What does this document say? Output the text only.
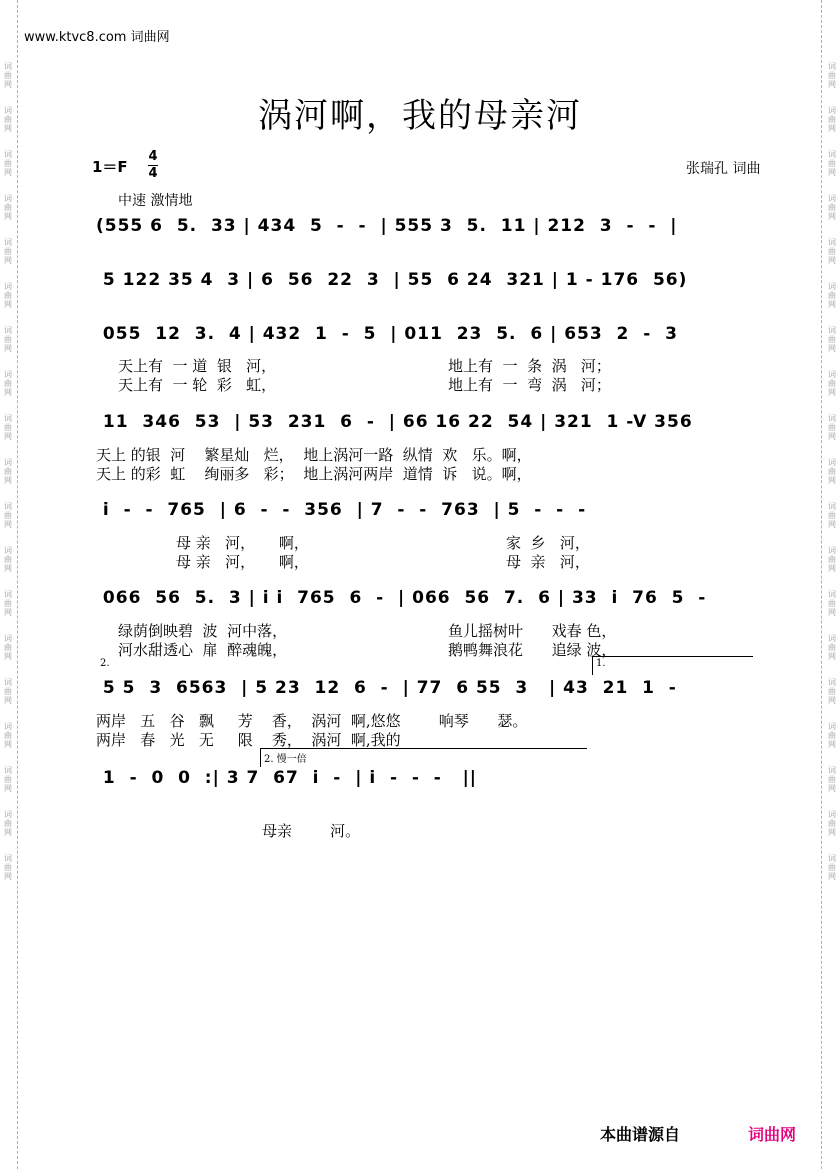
词
曲
网
词
曲
网
词
曲
网
词
曲
网
词
曲
网
词
曲
网
词
曲
网
词
曲
网
词
曲
网
词
曲
网
词
曲
网
词
曲
网
词
曲
网
词
曲
网
词
曲
网
词
曲
网
词
曲
网
词
曲
网
词
曲
网
词
曲
网
词
曲
网
词
曲
网
词
曲
网
词
曲
网
词
曲
网
词
曲
网
词
曲
网
词
曲
网
词
曲
网
词
曲
网
词
曲
网
词
曲
网
词
曲
网
词
曲
网
词
曲
网
词
曲
网
词
曲
网
词
曲
网
www.ktvc8.com 词曲网
涡河啊，我的母亲河
1＝F
4
4	张瑞孔 词曲
中速 激情地
(555 6  5.  33 | 434  5  -  -  | 555 3  5.  11 | 212  3  -  -  |
5 122 35 4  3 | 6  56  22  3  | 55  6 24  321 | 1 - 176  56)
055  12  3.  4 | 432  1  -  5  | 011  23  5.  6 | 653  2  -  3
天上有  一 道  银   河，	地上有  一  条  涡   河；
天上有  一 轮  彩   虹，	地上有  一  弯  涡   河；
11  346  53  | 53  231  6  -  | 66 16 22  54 | 321  1 -V 356
天上 的银  河    繁星灿   烂，  地上涡河一路  纵情  欢   乐。啊，
天上 的彩  虹    绚丽多   彩；  地上涡河两岸  道情  诉   说。啊，
i  -  -  765  | 6  -  -  356  | 7  -  -  763  | 5  -  -  -
母 亲   河，     啊，	家  乡   河，
母 亲   河，     啊，	母  亲   河，
066  56  5.  3 | i i  765  6  -  | 066  56  7.  6 | 33  i  76  5  -
绿荫倒映碧  波  河中落，	鱼儿摇树叶      戏春 色，
河水甜透心  扉  醉魂魄，	鹅鸭舞浪花      追绿 波，
2.	1.
5 5  3  6563  | 5 23  12  6  -  | 77  6 55  3   | 43  21  1  -
两岸   五   谷   飘     芳    香，  涡河  啊,悠悠        响琴      瑟。
两岸   春   光   无     限    秀，  涡河  啊,我的
2. 慢一倍
1  -  0  0  :| 3 7  67  i  -  | i  -  -  -   ||
母亲        河。
本曲谱源自	词曲网
